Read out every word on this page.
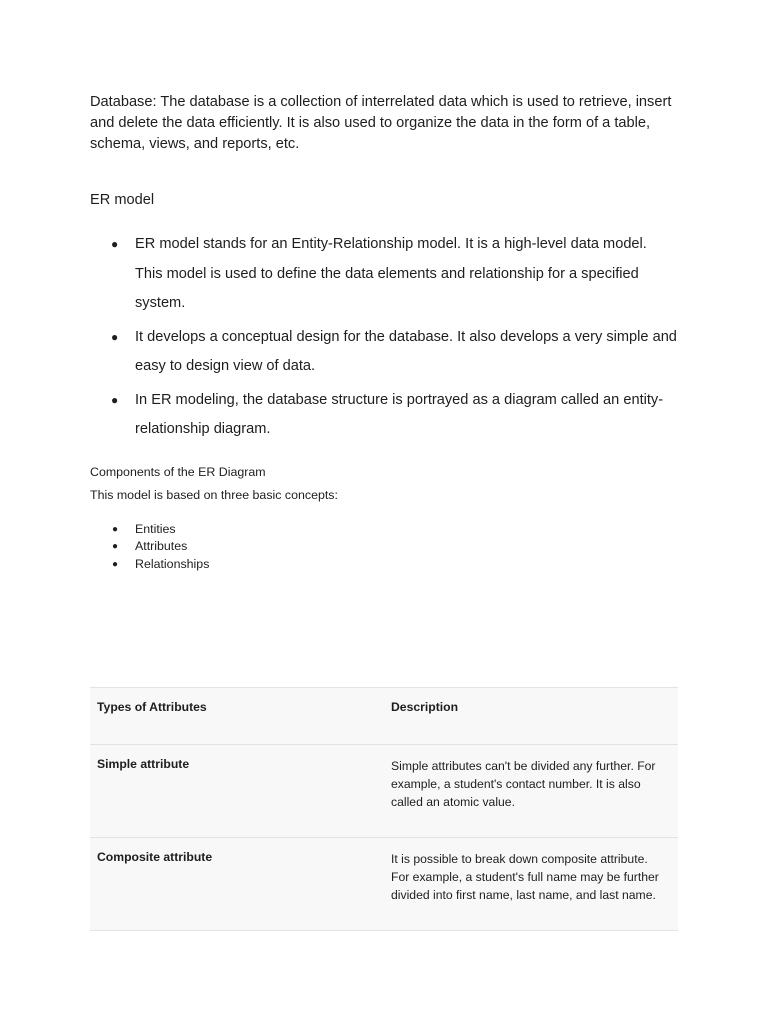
Database: The database is a collection of interrelated data which is used to retrieve, insert and delete the data efficiently. It is also used to organize the data in the form of a table, schema, views, and reports, etc.

ER model

● ER model stands for an Entity-Relationship model. It is a high-level data model. This model is used to define the data elements and relationship for a specified system.
● It develops a conceptual design for the database. It also develops a very simple and easy to design view of data.
● In ER modeling, the database structure is portrayed as a diagram called an entity-relationship diagram.

Components of the ER Diagram

This model is based on three basic concepts:

● Entities
● Attributes
● Relationships
Types of Attributes	Description
Simple attribute	Simple attributes can't be divided any further. For example, a student's contact number. It is also called an atomic value.
Composite attribute	It is possible to break down composite attribute. For example, a student's full name may be further divided into first name, last name, and last name.
